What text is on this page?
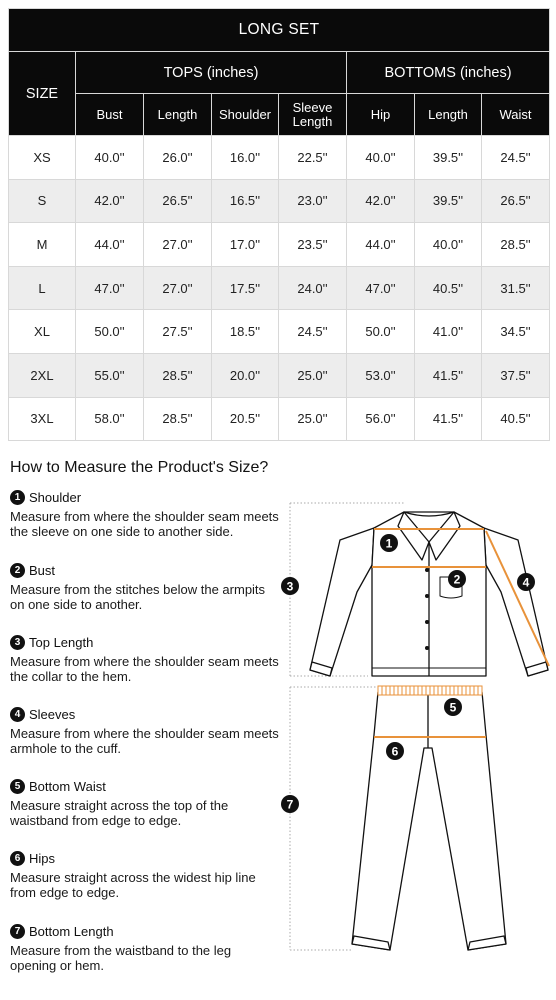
LONG SET							
SIZE	TOPS (inches)				BOTTOMS (inches)		
	Bust	Length	Shoulder	Sleeve Length	Hip	Length	Waist
XS	40.0''	26.0''	16.0''	22.5''	40.0''	39.5''	24.5''
S	42.0''	26.5''	16.5''	23.0''	42.0''	39.5''	26.5''
M	44.0''	27.0''	17.0''	23.5''	44.0''	40.0''	28.5''
L	47.0''	27.0''	17.5''	24.0''	47.0''	40.5''	31.5''
XL	50.0''	27.5''	18.5''	24.5''	50.0''	41.0''	34.5''
2XL	55.0''	28.5''	20.0''	25.0''	53.0''	41.5''	37.5''
3XL	58.0''	28.5''	20.5''	25.0''	56.0''	41.5''	40.5''
How to Measure the Product's Size?
1 Shoulder
Measure from where the shoulder seam meets the sleeve on one side to another side.
2 Bust
Measure from the stitches below the armpits on one side to another.
3 Top Length
Measure from where the shoulder seam meets the collar to the hem.
4 Sleeves
Measure from where the shoulder seam meets armhole to the cuff.
5 Bottom Waist
Measure straight across the top of the waistband from edge to edge.
6 Hips
Measure straight across the widest hip line from edge to edge.
7 Bottom Length
Measure from the waistband to the leg opening or hem.
1
2
3	4
5
6
7
